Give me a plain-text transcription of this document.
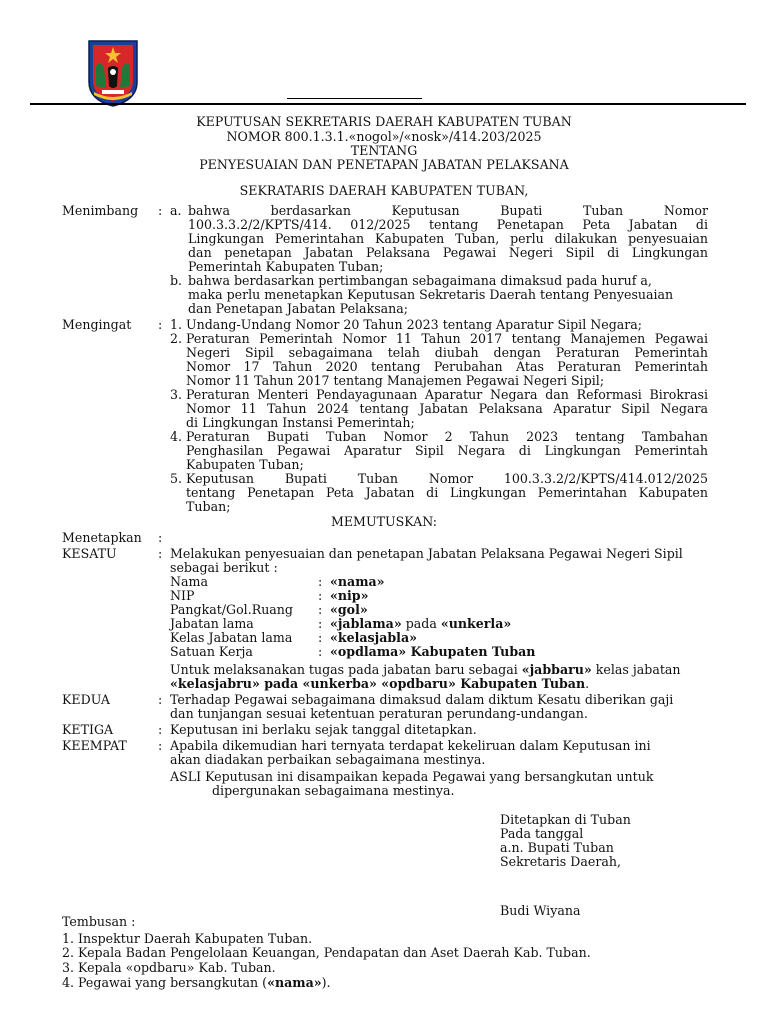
KEPUTUSAN SEKRETARIS DAERAH KABUPATEN TUBAN
NOMOR 800.1.3.1.«nogol»/«nosk»/414.203/2025
TENTANG
PENYESUAIAN DAN PENETAPAN JABATAN PELAKSANA
SEKRATARIS DAERAH KABUPATEN TUBAN,
Menimbang : a. bahwa berdasarkan Keputusan Bupati Tuban Nomor
100.3.3.2/2/KPTS/414. 012/2025 tentang Penetapan Peta Jabatan di
Lingkungan Pemerintahan Kabupaten Tuban, perlu dilakukan penyesuaian
dan penetapan Jabatan Pelaksana Pegawai Negeri Sipil di Lingkungan
Pemerintah Kabupaten Tuban;
b. bahwa berdasarkan pertimbangan sebagaimana dimaksud pada huruf a,
maka perlu menetapkan Keputusan Sekretaris Daerah tentang Penyesuaian
dan Penetapan Jabatan Pelaksana;
Mengingat : 1. Undang-Undang Nomor 20 Tahun 2023 tentang Aparatur Sipil Negara;
2. Peraturan Pemerintah Nomor 11 Tahun 2017 tentang Manajemen Pegawai
Negeri Sipil sebagaimana telah diubah dengan Peraturan Pemerintah
Nomor 17 Tahun 2020 tentang Perubahan Atas Peraturan Pemerintah
Nomor 11 Tahun 2017 tentang Manajemen Pegawai Negeri Sipil;
3. Peraturan Menteri Pendayagunaan Aparatur Negara dan Reformasi Birokrasi
Nomor 11 Tahun 2024 tentang Jabatan Pelaksana Aparatur Sipil Negara
di Lingkungan Instansi Pemerintah;
4. Peraturan Bupati Tuban Nomor 2 Tahun 2023 tentang Tambahan
Penghasilan Pegawai Aparatur Sipil Negara di Lingkungan Pemerintah
Kabupaten Tuban;
5. Keputusan Bupati Tuban Nomor 100.3.3.2/2/KPTS/414.012/2025
tentang Penetapan Peta Jabatan di Lingkungan Pemerintahan Kabupaten
Tuban;
MEMUTUSKAN:
Menetapkan :
KESATU	: Melakukan penyesuaian dan penetapan Jabatan Pelaksana Pegawai Negeri Sipil
sebagai berikut :
Nama	: «nama»
NIP	: «nip»
Pangkat/Gol.Ruang : «gol»
Jabatan lama	: «jablama» pada «unkerla»
Kelas Jabatan lama : «kelasjabla»
Satuan Kerja	: «opdlama» Kabupaten Tuban
Untuk melaksanakan tugas pada jabatan baru sebagai «jabbaru» kelas jabatan
«kelasjabru» pada «unkerba» «opdbaru» Kabupaten Tuban.
KEDUA	: Terhadap Pegawai sebagaimana dimaksud dalam diktum Kesatu diberikan gaji
dan tunjangan sesuai ketentuan peraturan perundang-undangan.
KETIGA	: Keputusan ini berlaku sejak tanggal ditetapkan.
KEEMPAT : Apabila dikemudian hari ternyata terdapat kekeliruan dalam Keputusan ini
akan diadakan perbaikan sebagaimana mestinya.
ASLI Keputusan ini disampaikan kepada Pegawai yang bersangkutan untuk
dipergunakan sebagaimana mestinya.
Ditetapkan di Tuban
Pada tanggal
a.n. Bupati Tuban
Sekretaris Daerah,
Budi Wiyana
Tembusan :
1. Inspektur Daerah Kabupaten Tuban.
2. Kepala Badan Pengelolaan Keuangan, Pendapatan dan Aset Daerah Kab. Tuban.
3. Kepala «opdbaru» Kab. Tuban.
4. Pegawai yang bersangkutan («nama»).
